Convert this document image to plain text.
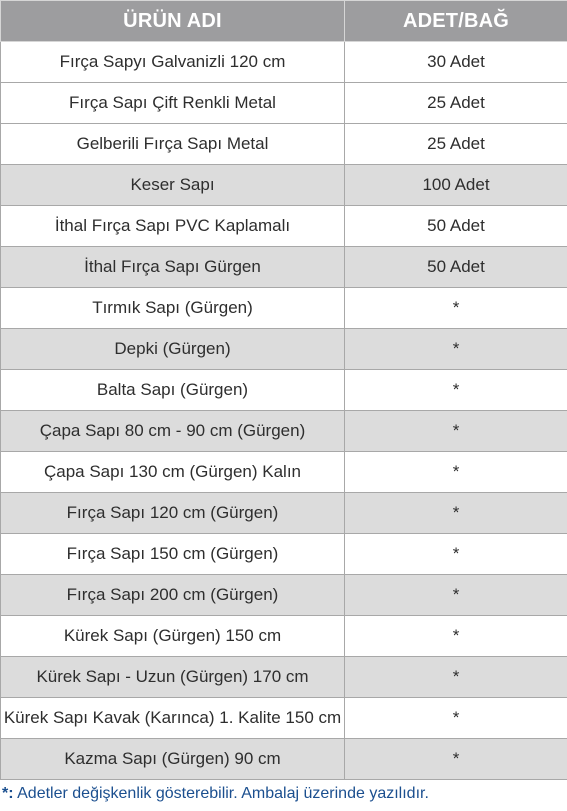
ÜRÜN ADI	ADET/BAĞ
Fırça Sapyı Galvanizli 120 cm	30 Adet
Fırça Sapı Çift Renkli Metal	25 Adet
Gelberili Fırça Sapı Metal	25 Adet
Keser Sapı	100 Adet
İthal Fırça Sapı PVC Kaplamalı	50 Adet
İthal Fırça Sapı Gürgen	50 Adet
Tırmık Sapı (Gürgen)	*
Depki (Gürgen)	*
Balta Sapı (Gürgen)	*
Çapa Sapı 80 cm - 90 cm (Gürgen)	*
Çapa Sapı 130 cm (Gürgen) Kalın	*
Fırça Sapı 120 cm (Gürgen)	*
Fırça Sapı 150 cm (Gürgen)	*
Fırça Sapı 200 cm (Gürgen)	*
Kürek Sapı (Gürgen) 150 cm	*
Kürek Sapı - Uzun (Gürgen) 170 cm	*
Kürek Sapı Kavak (Karınca) 1. Kalite 150 cm	*
Kazma Sapı (Gürgen) 90 cm	*
*: Adetler değişkenlik gösterebilir. Ambalaj üzerinde yazılıdır.
